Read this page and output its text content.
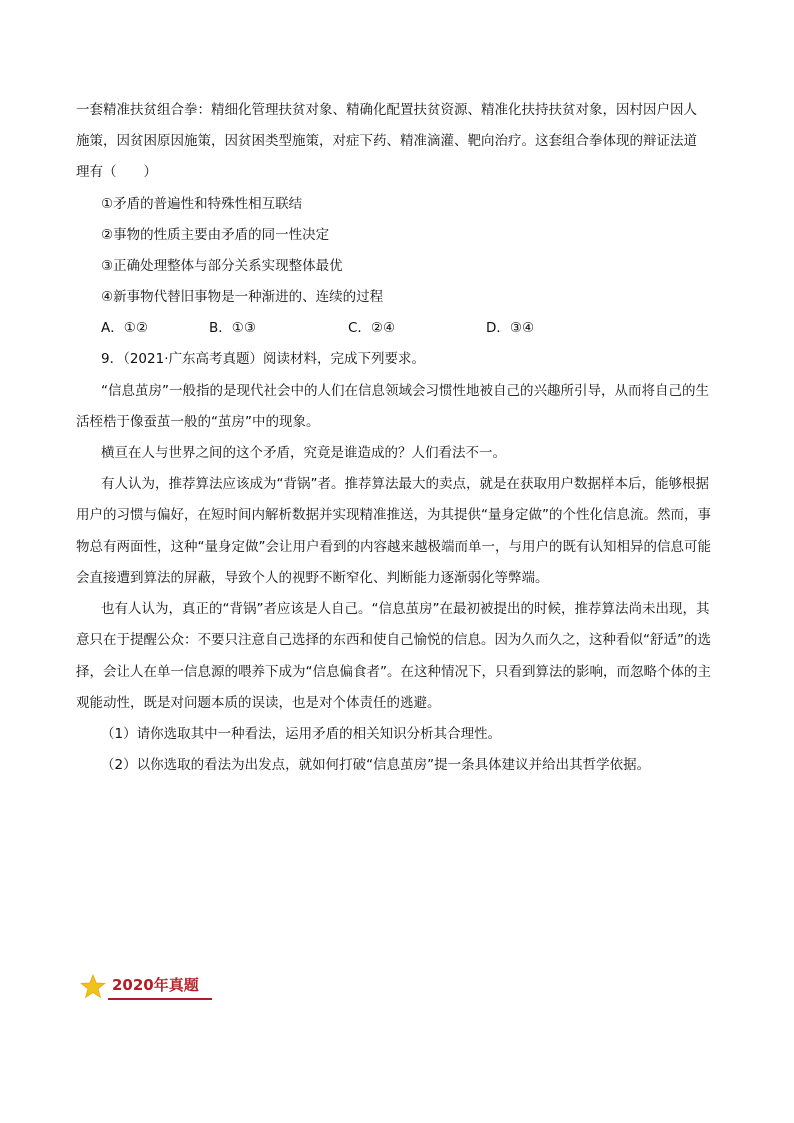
一套精准扶贫组合拳：精细化管理扶贫对象、精确化配置扶贫资源、精准化扶持扶贫对象，因村因户因人
施策，因贫困原因施策，因贫困类型施策，对症下药、精准滴灌、靶向治疗。这套组合拳体现的辩证法道
理有（　　）
①矛盾的普遍性和特殊性相互联结
②事物的性质主要由矛盾的同一性决定
③正确处理整体与部分关系实现整体最优
④新事物代替旧事物是一种渐进的、连续的过程
A．①②	B．①③	C．②④	D．③④
9．（2021·广东高考真题）阅读材料，完成下列要求。
“信息茧房”一般指的是现代社会中的人们在信息领域会习惯性地被自己的兴趣所引导，从而将自己的生
活桎梏于像蚕茧一般的“茧房”中的现象。
横亘在人与世界之间的这个矛盾，究竟是谁造成的？人们看法不一。
有人认为，推荐算法应该成为“背锅”者。推荐算法最大的卖点，就是在获取用户数据样本后，能够根据
用户的习惯与偏好，在短时间内解析数据并实现精准推送，为其提供“量身定做”的个性化信息流。然而，事
物总有两面性，这种“量身定做”会让用户看到的内容越来越极端而单一，与用户的既有认知相异的信息可能
会直接遭到算法的屏蔽，导致个人的视野不断窄化、判断能力逐渐弱化等弊端。
也有人认为，真正的“背锅”者应该是人自己。“信息茧房”在最初被提出的时候，推荐算法尚未出现，其
意只在于提醒公众：不要只注意自己选择的东西和使自己愉悦的信息。因为久而久之，这种看似“舒适”的选
择，会让人在单一信息源的喂养下成为“信息偏食者”。在这种情况下，只看到算法的影响，而忽略个体的主
观能动性，既是对问题本质的误读，也是对个体责任的逃避。
（1）请你选取其中一种看法，运用矛盾的相关知识分析其合理性。
（2）以你选取的看法为出发点，就如何打破“信息茧房”提一条具体建议并给出其哲学依据。
2020年真题
